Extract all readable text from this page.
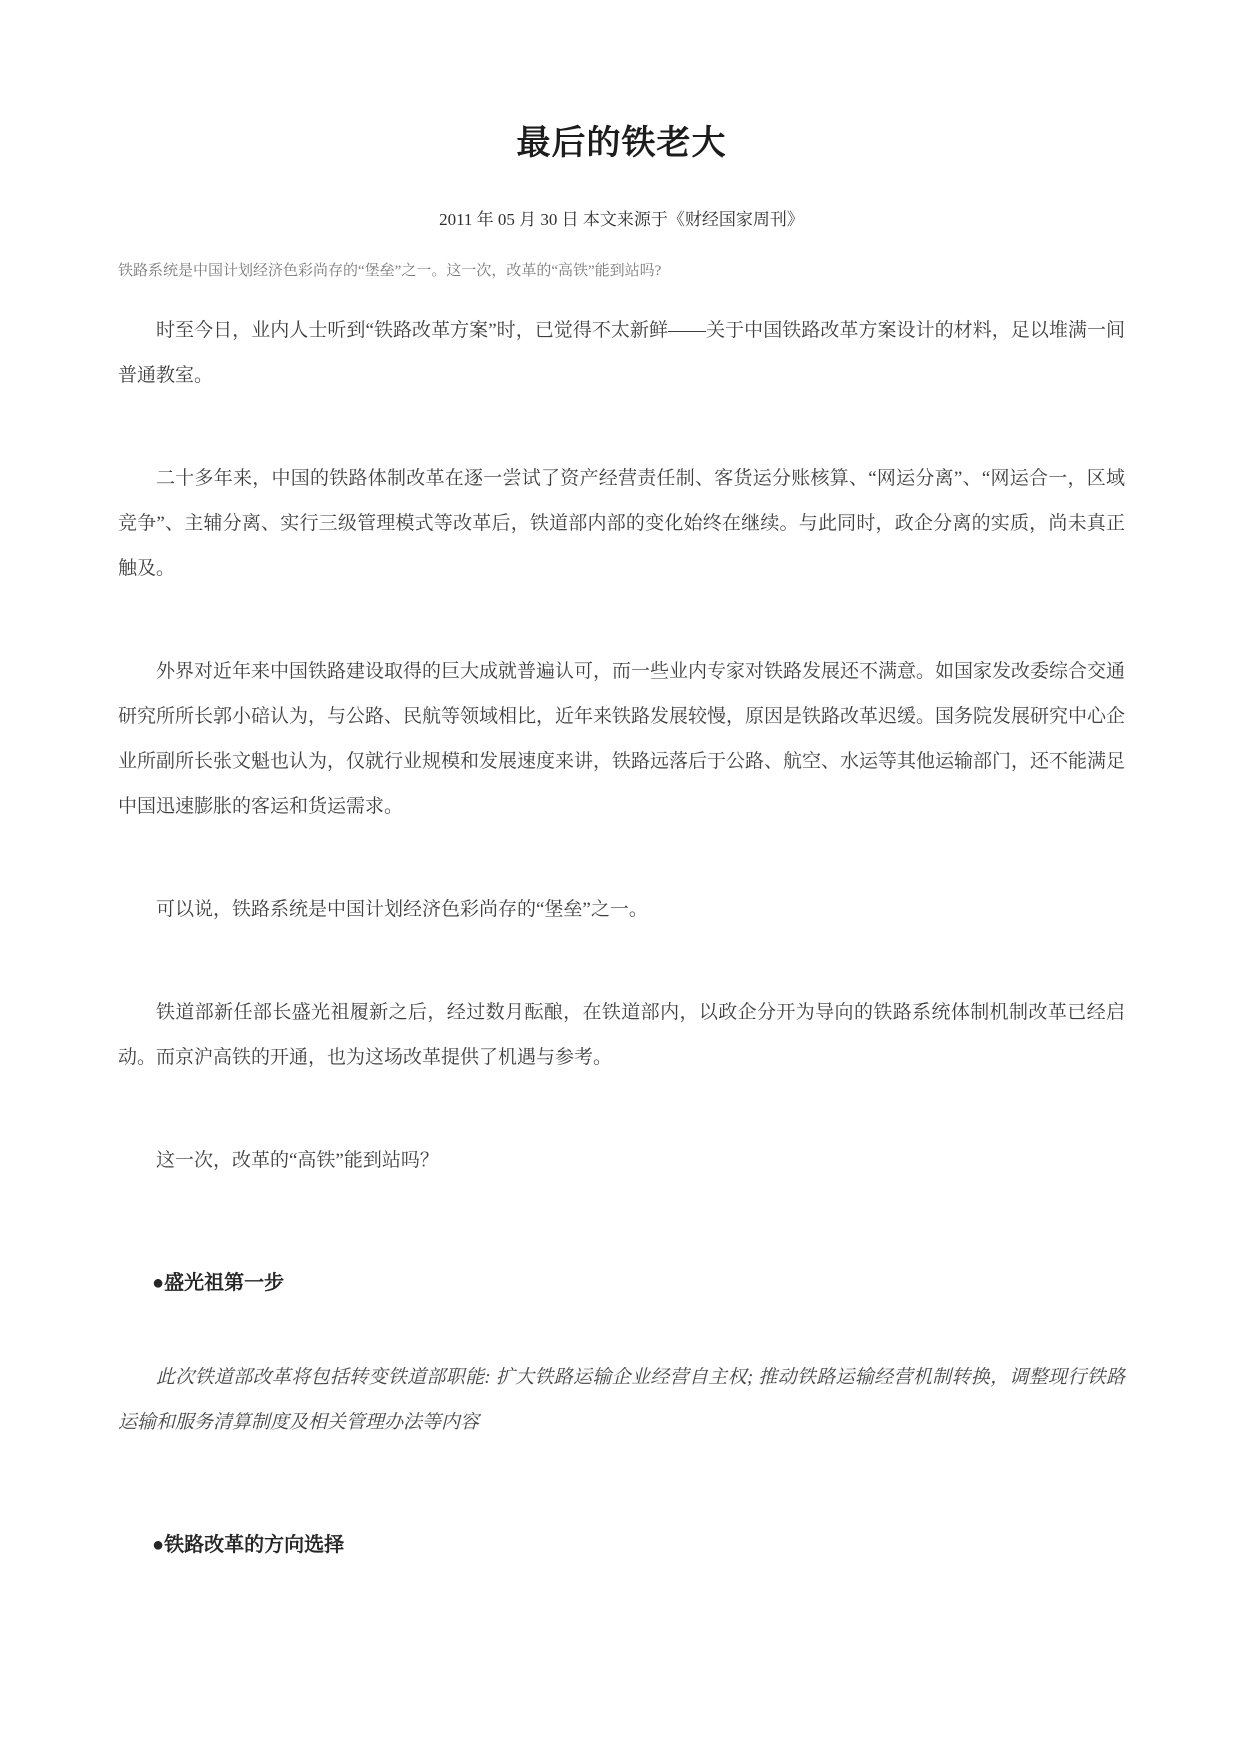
最后的铁老大
2011 年 05 月 30 日 本文来源于《财经国家周刊》
铁路系统是中国计划经济色彩尚存的“堡垒”之一。这一次，改革的“高铁”能到站吗?

时至今日，业内人士听到“铁路改革方案”时，已觉得不太新鲜——关于中国铁路改革方案设计的材料，足以堆满一间普通教室。

二十多年来，中国的铁路体制改革在逐一尝试了资产经营责任制、客货运分账核算、“网运分离”、“网运合一，区域竞争”、主辅分离、实行三级管理模式等改革后，铁道部内部的变化始终在继续。与此同时，政企分离的实质，尚未真正触及。

外界对近年来中国铁路建设取得的巨大成就普遍认可，而一些业内专家对铁路发展还不满意。如国家发改委综合交通研究所所长郭小碚认为，与公路、民航等领域相比，近年来铁路发展较慢，原因是铁路改革迟缓。国务院发展研究中心企业所副所长张文魁也认为，仅就行业规模和发展速度来讲，铁路远落后于公路、航空、水运等其他运输部门，还不能满足中国迅速膨胀的客运和货运需求。

可以说，铁路系统是中国计划经济色彩尚存的“堡垒”之一。

铁道部新任部长盛光祖履新之后，经过数月酝酿，在铁道部内，以政企分开为导向的铁路系统体制机制改革已经启动。而京沪高铁的开通，也为这场改革提供了机遇与参考。

这一次，改革的“高铁”能到站吗？

●盛光祖第一步

此次铁道部改革将包括转变铁道部职能: 扩大铁路运输企业经营自主权; 推动铁路运输经营机制转换，调整现行铁路运输和服务清算制度及相关管理办法等内容

●铁路改革的方向选择
